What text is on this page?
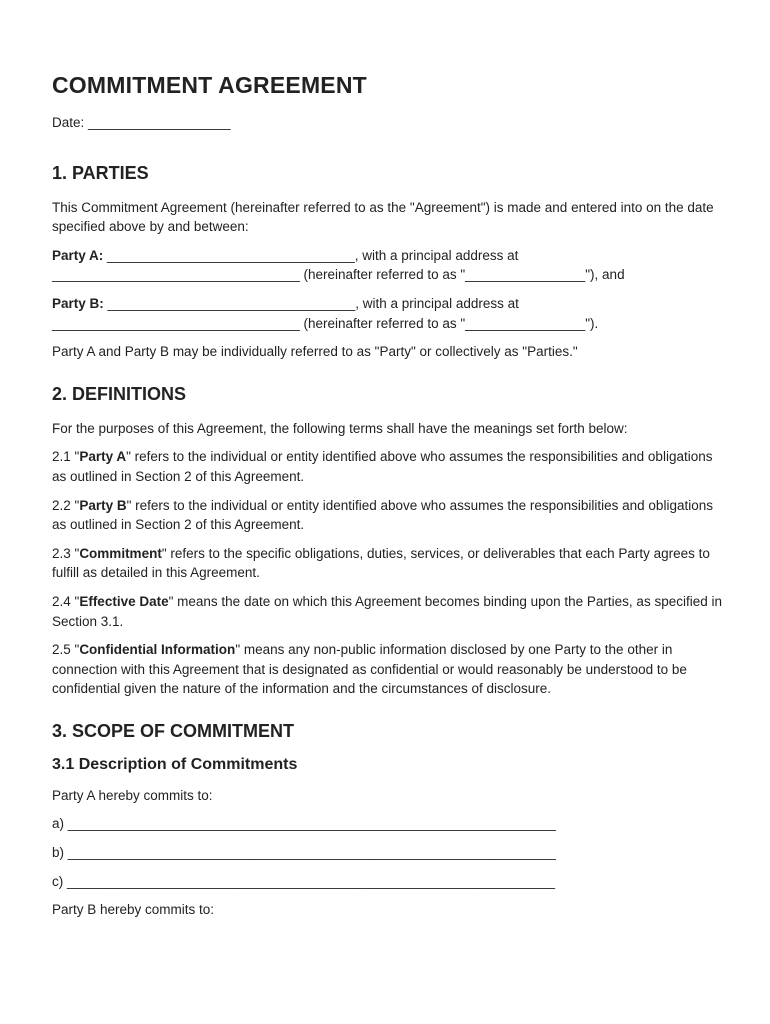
COMMITMENT AGREEMENT

Date: ___________________

1. PARTIES

This Commitment Agreement (hereinafter referred to as the "Agreement") is made and entered into on the date specified above by and between:

Party A: _________________________________, with a principal address at _________________________________ (hereinafter referred to as "________________"), and

Party B: _________________________________, with a principal address at _________________________________ (hereinafter referred to as "________________").

Party A and Party B may be individually referred to as "Party" or collectively as "Parties."

2. DEFINITIONS

For the purposes of this Agreement, the following terms shall have the meanings set forth below:

2.1 "Party A" refers to the individual or entity identified above who assumes the responsibilities and obligations as outlined in Section 2 of this Agreement.

2.2 "Party B" refers to the individual or entity identified above who assumes the responsibilities and obligations as outlined in Section 2 of this Agreement.

2.3 "Commitment" refers to the specific obligations, duties, services, or deliverables that each Party agrees to fulfill as detailed in this Agreement.

2.4 "Effective Date" means the date on which this Agreement becomes binding upon the Parties, as specified in Section 3.1.

2.5 "Confidential Information" means any non-public information disclosed by one Party to the other in connection with this Agreement that is designated as confidential or would reasonably be understood to be confidential given the nature of the information and the circumstances of disclosure.

3. SCOPE OF COMMITMENT
3.1 Description of Commitments

Party A hereby commits to:

a) _________________________________________________________________

b) _________________________________________________________________

c) _________________________________________________________________

Party B hereby commits to:
